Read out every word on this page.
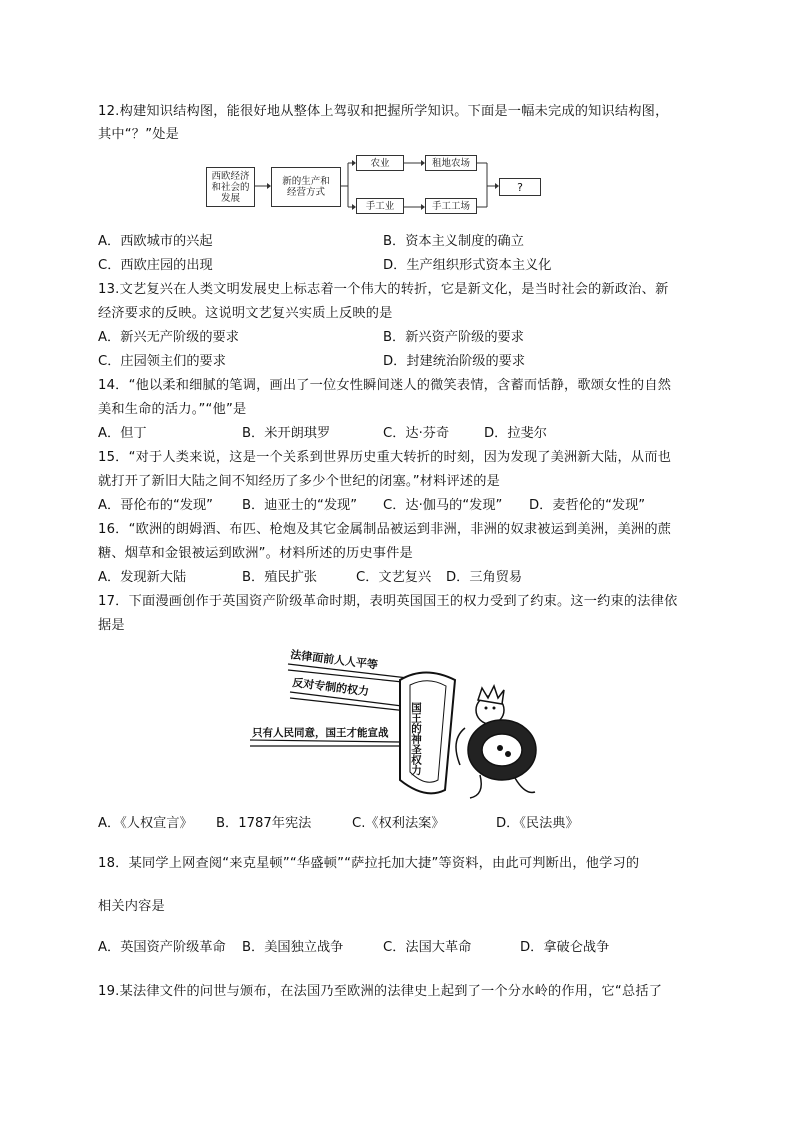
12.构建知识结构图，能很好地从整体上驾驭和把握所学知识。下面是一幅未完成的知识结构图，
其中“？”处是
西欧经济
和社会的
发展
新的生产和
经营方式
农业	租地农场
手工业	手工工场
?
A．西欧城市的兴起	B．资本主义制度的确立
C．西欧庄园的出现	D．生产组织形式资本主义化
13.文艺复兴在人类文明发展史上标志着一个伟大的转折，它是新文化，是当时社会的新政治、新
经济要求的反映。这说明文艺复兴实质上反映的是
A．新兴无产阶级的要求	B．新兴资产阶级的要求
C．庄园领主们的要求	D．封建统治阶级的要求
14．“他以柔和细腻的笔调，画出了一位女性瞬间迷人的微笑表情，含蓄而恬静，歌颂女性的自然
美和生命的活力。”“他”是
A．但丁	B．米开朗琪罗	C．达·芬奇	D．拉斐尔
15．“对于人类来说，这是一个关系到世界历史重大转折的时刻，因为发现了美洲新大陆，从而也
就打开了新旧大陆之间不知经历了多少个世纪的闭塞。”材料评述的是
A．哥伦布的“发现” B．迪亚士的“发现” C．达·伽马的“发现” D．麦哲伦的“发现”
16．“欧洲的朗姆酒、布匹、枪炮及其它金属制品被运到非洲，非洲的奴隶被运到美洲，美洲的蔗
糖、烟草和金银被运到欧洲”。材料所述的历史事件是
A．发现新大陆	B．殖民扩张	C．文艺复兴 D．三角贸易
17．下面漫画创作于英国资产阶级革命时期，表明英国国王的权力受到了约束。这一约束的法律依
据是
法律面前人人平等
反对专制的权力
只有人民同意，国王才能宣战 国王的神圣权力
A．《人权宣言》 B．1787年宪法	C.《权利法案》	D．《民法典》
18．某同学上网查阅“来克星顿”“华盛顿”“萨拉托加大捷”等资料，由此可判断出，他学习的
相关内容是
A．英国资产阶级革命 B．美国独立战争	C．法国大革命	D．拿破仑战争
19.某法律文件的问世与颁布，在法国乃至欧洲的法律史上起到了一个分水岭的作用，它“总括了
